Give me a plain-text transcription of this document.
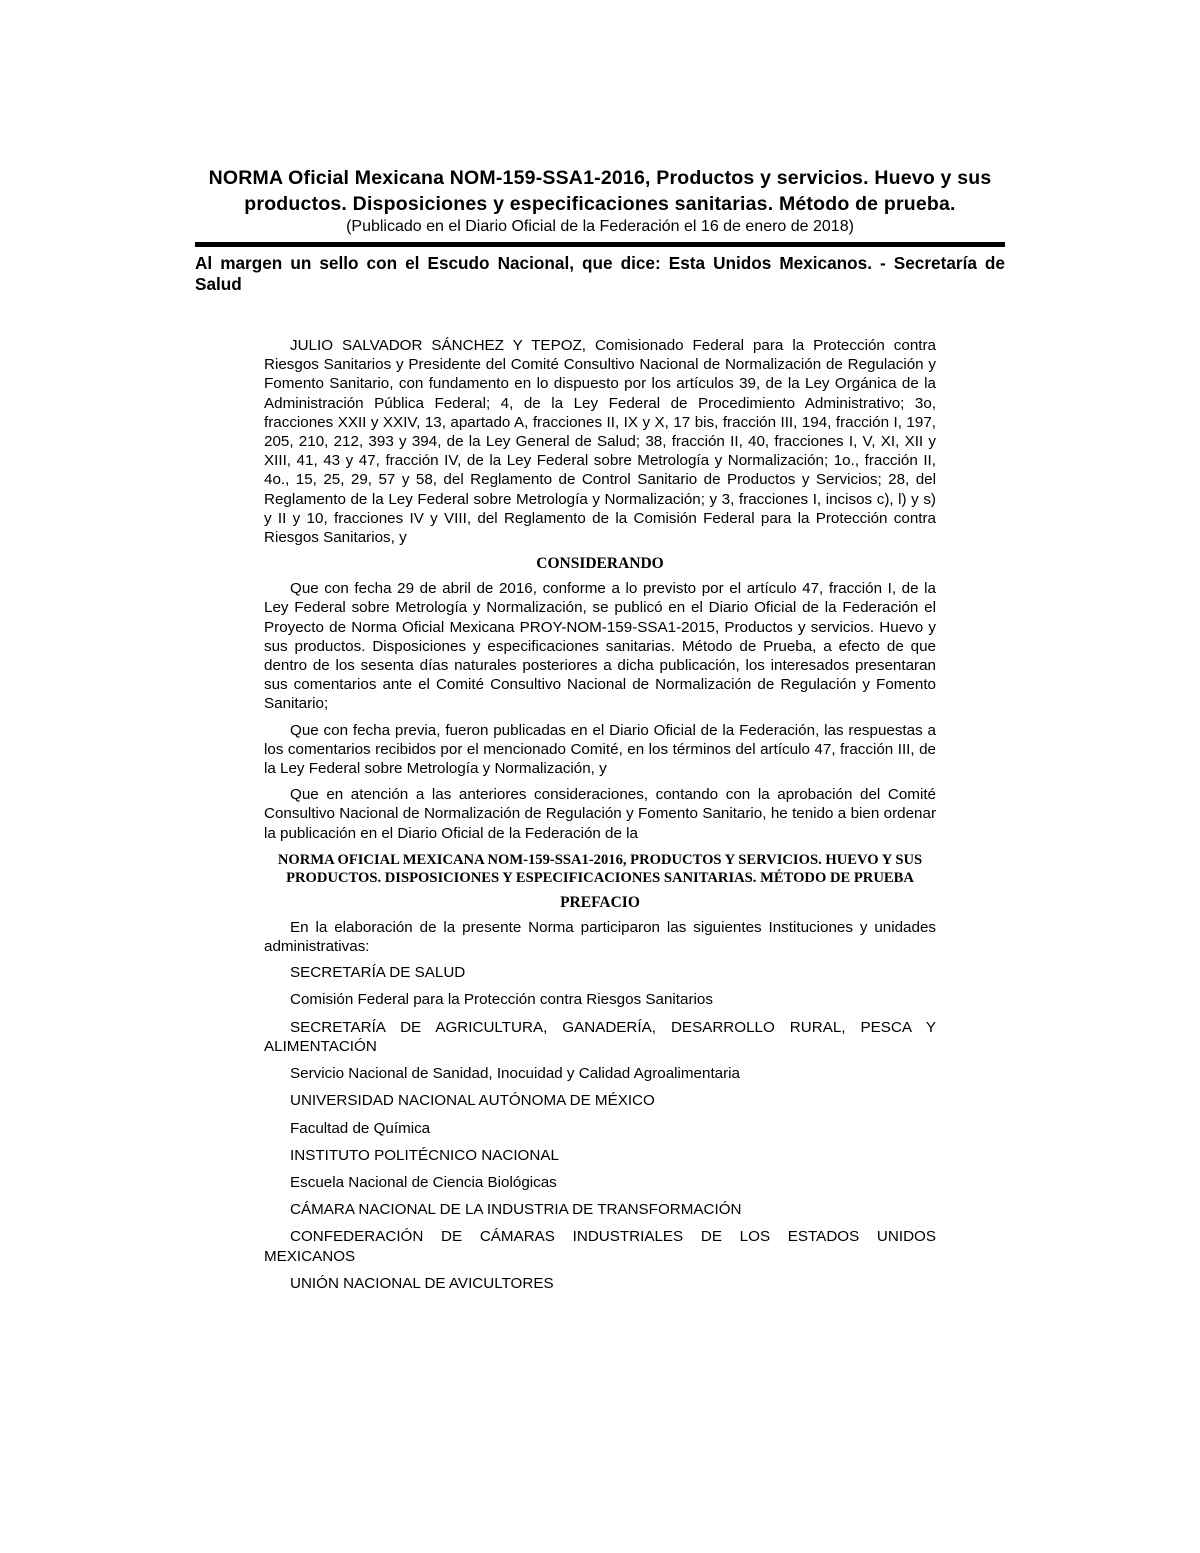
NORMA Oficial Mexicana NOM-159-SSA1-2016, Productos y servicios. Huevo y sus productos. Disposiciones y especificaciones sanitarias. Método de prueba.

(Publicado en el Diario Oficial de la Federación el 16 de enero de 2018)

Al margen un sello con el Escudo Nacional, que dice: Esta Unidos Mexicanos. - Secretaría de Salud

JULIO SALVADOR SÁNCHEZ Y TEPOZ, Comisionado Federal para la Protección contra Riesgos Sanitarios y Presidente del Comité Consultivo Nacional de Normalización de Regulación y Fomento Sanitario, con fundamento en lo dispuesto por los artículos 39, de la Ley Orgánica de la Administración Pública Federal; 4, de la Ley Federal de Procedimiento Administrativo; 3o, fracciones XXII y XXIV, 13, apartado A, fracciones II, IX y X, 17 bis, fracción III, 194, fracción I, 197, 205, 210, 212, 393 y 394, de la Ley General de Salud; 38, fracción II, 40, fracciones I, V, XI, XII y XIII, 41, 43 y 47, fracción IV, de la Ley Federal sobre Metrología y Normalización; 1o., fracción II, 4o., 15, 25, 29, 57 y 58, del Reglamento de Control Sanitario de Productos y Servicios; 28, del Reglamento de la Ley Federal sobre Metrología y Normalización; y 3, fracciones I, incisos c), l) y s) y II y 10, fracciones IV y VIII, del Reglamento de la Comisión Federal para la Protección contra Riesgos Sanitarios, y

CONSIDERANDO

Que con fecha 29 de abril de 2016, conforme a lo previsto por el artículo 47, fracción I, de la Ley Federal sobre Metrología y Normalización, se publicó en el Diario Oficial de la Federación el Proyecto de Norma Oficial Mexicana PROY-NOM-159-SSA1-2015, Productos y servicios. Huevo y sus productos. Disposiciones y especificaciones sanitarias. Método de Prueba, a efecto de que dentro de los sesenta días naturales posteriores a dicha publicación, los interesados presentaran sus comentarios ante el Comité Consultivo Nacional de Normalización de Regulación y Fomento Sanitario;

Que con fecha previa, fueron publicadas en el Diario Oficial de la Federación, las respuestas a los comentarios recibidos por el mencionado Comité, en los términos del artículo 47, fracción III, de la Ley Federal sobre Metrología y Normalización, y

Que en atención a las anteriores consideraciones, contando con la aprobación del Comité Consultivo Nacional de Normalización de Regulación y Fomento Sanitario, he tenido a bien ordenar la publicación en el Diario Oficial de la Federación de la

NORMA OFICIAL MEXICANA NOM-159-SSA1-2016, PRODUCTOS Y SERVICIOS. HUEVO Y SUS PRODUCTOS. DISPOSICIONES Y ESPECIFICACIONES SANITARIAS. MÉTODO DE PRUEBA
PREFACIO

En la elaboración de la presente Norma participaron las siguientes Instituciones y unidades administrativas:

SECRETARÍA DE SALUD
Comisión Federal para la Protección contra Riesgos Sanitarios
SECRETARÍA DE AGRICULTURA, GANADERÍA, DESARROLLO RURAL, PESCA Y ALIMENTACIÓN
Servicio Nacional de Sanidad, Inocuidad y Calidad Agroalimentaria
UNIVERSIDAD NACIONAL AUTÓNOMA DE MÉXICO
Facultad de Química
INSTITUTO POLITÉCNICO NACIONAL
Escuela Nacional de Ciencia Biológicas
CÁMARA NACIONAL DE LA INDUSTRIA DE TRANSFORMACIÓN
CONFEDERACIÓN DE CÁMARAS INDUSTRIALES DE LOS ESTADOS UNIDOS MEXICANOS
UNIÓN NACIONAL DE AVICULTORES
